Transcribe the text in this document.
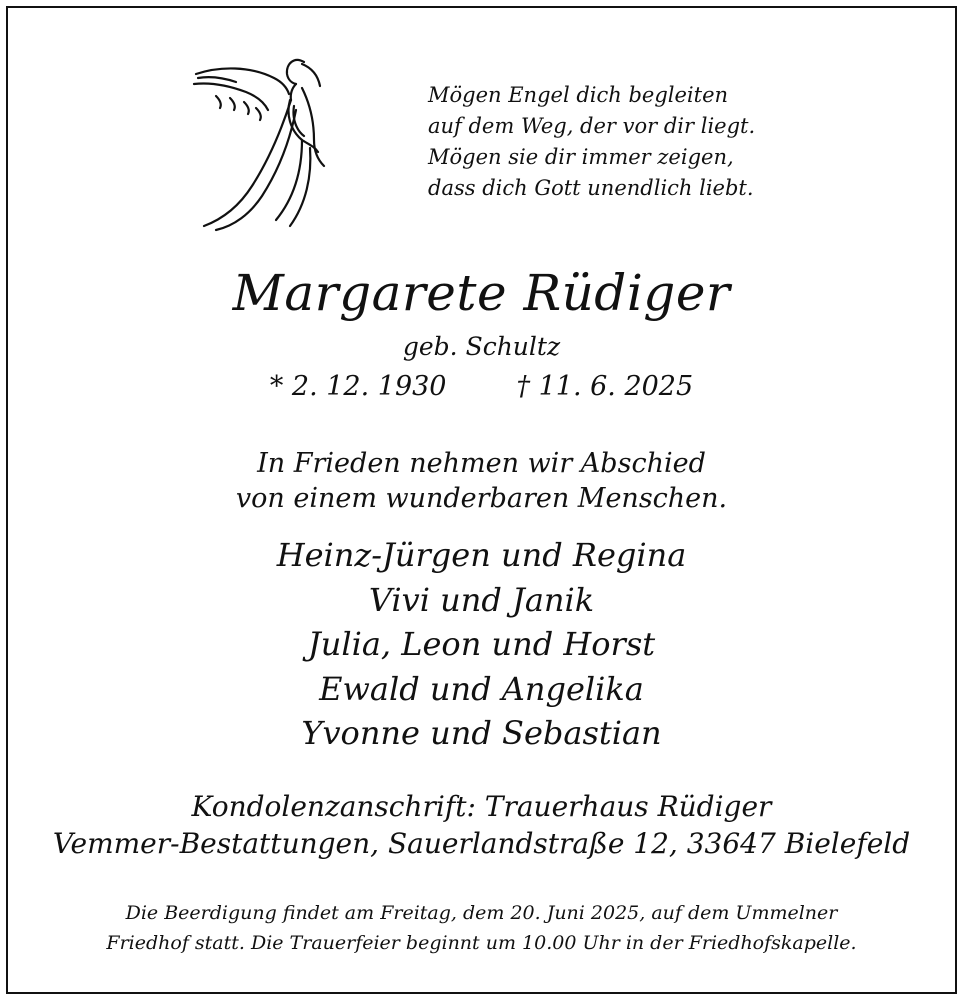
Mögen Engel dich begleiten
auf dem Weg, der vor dir liegt.
Mögen sie dir immer zeigen,
dass dich Gott unendlich liebt.
Margarete Rüdiger
geb. Schultz
* 2. 12. 1930	† 11. 6. 2025
In Frieden nehmen wir Abschied
von einem wunderbaren Menschen.
Heinz-Jürgen und Regina
Vivi und Janik
Julia, Leon und Horst
Ewald und Angelika
Yvonne und Sebastian
Kondolenzanschrift: Trauerhaus Rüdiger
Vemmer-Bestattungen, Sauerlandstraße 12, 33647 Bielefeld
Die Beerdigung findet am Freitag, dem 20. Juni 2025, auf dem Ummelner
Friedhof statt. Die Trauerfeier beginnt um 10.00 Uhr in der Friedhofskapelle.
